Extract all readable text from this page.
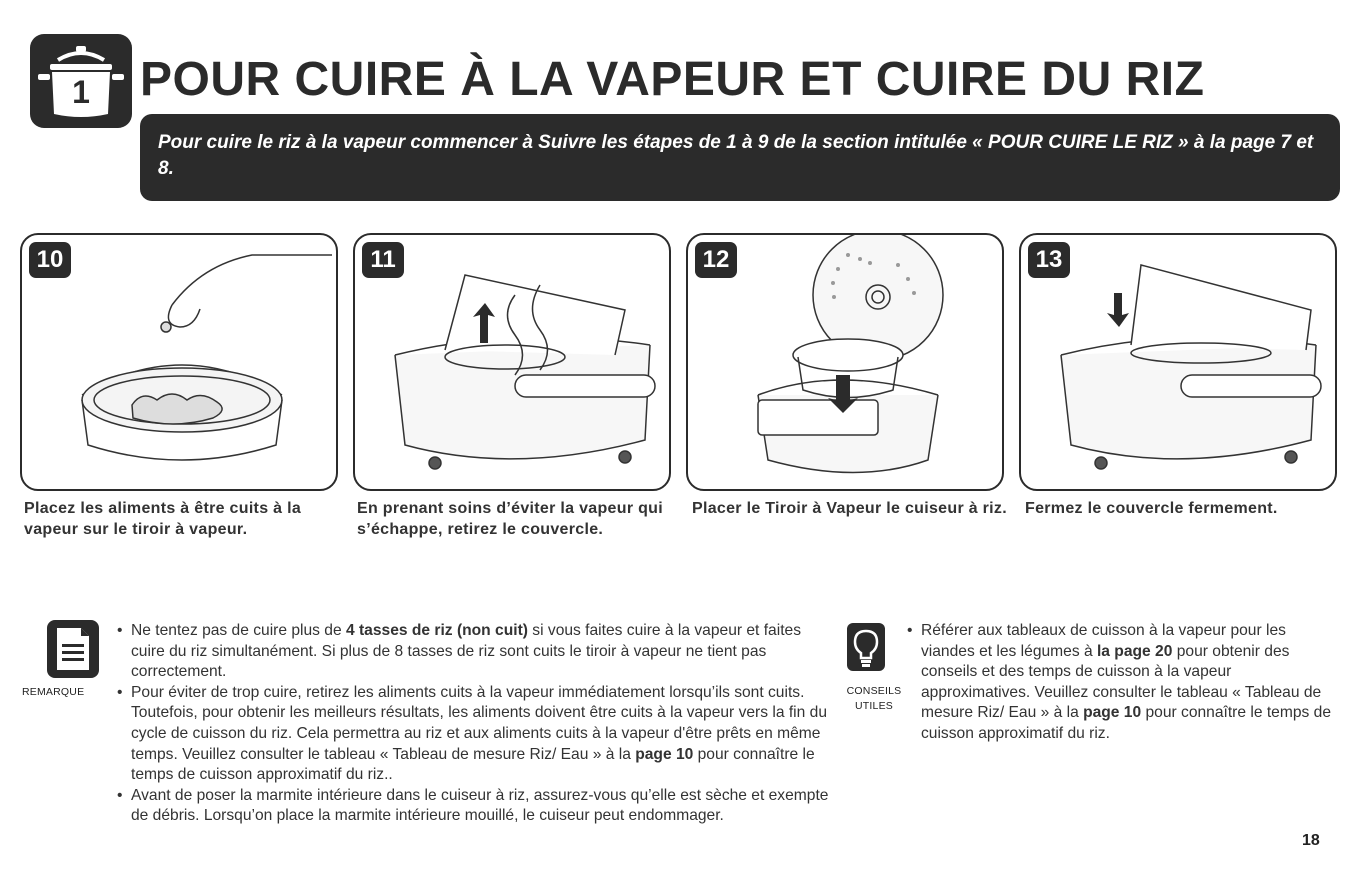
1	POUR CUIRE À LA VAPEUR ET CUIRE DU RIZ
Pour cuire le riz à la vapeur commencer à Suivre les étapes de 1 à 9 de la section intitulée « POUR CUIRE LE RIZ » à la page 7 et 8.
10	11	12	13
Placez les aliments à être cuits à la vapeur sur le tiroir à vapeur.
En prenant soins d’éviter la vapeur qui s’échappe, retirez le couvercle.
Placer le Tiroir à Vapeur le cuiseur à riz.	Fermez le couvercle fermement.
REMARQUE
• Ne tentez pas de cuire plus de 4 tasses de riz (non cuit) si vous faites cuire à la vapeur et faites cuire du riz simultanément. Si plus de 8 tasses de riz sont cuits le tiroir à vapeur ne tient pas correctement.
• Pour éviter de trop cuire, retirez les aliments cuits à la vapeur immédiatement lorsqu’ils sont cuits. Toutefois, pour obtenir les meilleurs résultats, les aliments doivent être cuits à la vapeur vers la fin du cycle de cuisson du riz. Cela permettra au riz et aux aliments cuits à la vapeur d'être prêts en même temps. Veuillez consulter le tableau « Tableau de mesure Riz/ Eau » à la page 10 pour connaître le temps de cuisson approximatif du riz..
• Avant de poser la marmite intérieure dans le cuiseur à riz, assurez-vous qu’elle est sèche et exempte de débris. Lorsqu’on place la marmite intérieure mouillé, le cuiseur peut endommager.
CONSEILS UTILES
• Référer aux tableaux de cuisson à la vapeur pour les viandes et les légumes à la page 20 pour obtenir des conseils et des temps de cuisson à la vapeur approximatives. Veuillez consulter le tableau « Tableau de mesure Riz/ Eau » à la page 10 pour connaître le temps de cuisson approximatif du riz.
18
